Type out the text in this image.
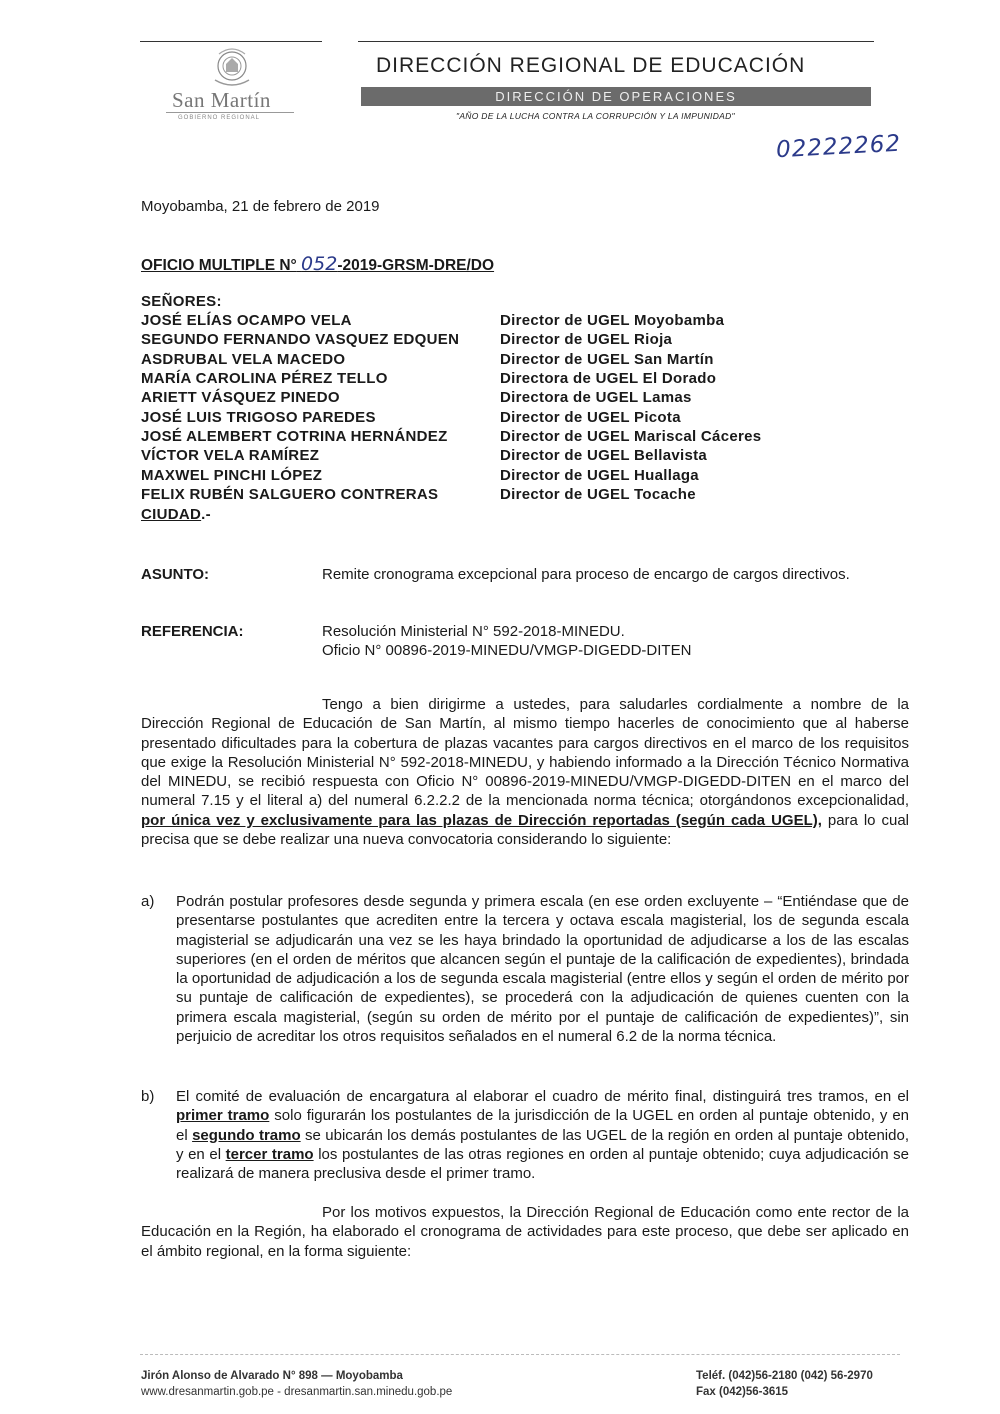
San Martín
GOBIERNO REGIONAL
DIRECCIÓN REGIONAL DE EDUCACIÓN
DIRECCIÓN DE OPERACIONES
"AÑO DE LA LUCHA CONTRA LA CORRUPCIÓN Y LA IMPUNIDAD"
02222262
Moyobamba, 21 de febrero de 2019
OFICIO MULTIPLE N° 052-2019-GRSM-DRE/DO
SEÑORES:
JOSÉ ELÍAS OCAMPO VELA	Director de UGEL Moyobamba
SEGUNDO FERNANDO VASQUEZ EDQUEN	Director de UGEL Rioja
ASDRUBAL VELA MACEDO	Director de UGEL San Martín
MARÍA CAROLINA PÉREZ TELLO	Directora de UGEL El Dorado
ARIETT VÁSQUEZ PINEDO	Directora de UGEL Lamas
JOSÉ LUIS TRIGOSO PAREDES	Director de UGEL Picota
JOSÉ ALEMBERT COTRINA HERNÁNDEZ	Director de UGEL Mariscal Cáceres
VÍCTOR VELA RAMÍREZ	Director de UGEL Bellavista
MAXWEL PINCHI LÓPEZ	Director de UGEL Huallaga
FELIX RUBÉN SALGUERO CONTRERAS	Director de UGEL Tocache
CIUDAD.-
ASUNTO:	Remite cronograma excepcional para proceso de encargo de cargos directivos.
REFERENCIA:	Resolución Ministerial N° 592-2018-MINEDU.
Oficio N° 00896-2019-MINEDU/VMGP-DIGEDD-DITEN
Tengo a bien dirigirme a ustedes, para saludarles cordialmente a nombre de la Dirección Regional de Educación de San Martín, al mismo tiempo hacerles de conocimiento que al haberse presentado dificultades para la cobertura de plazas vacantes para cargos directivos en el marco de los requisitos que exige la Resolución Ministerial N° 592-2018-MINEDU, y habiendo informado a la Dirección Técnico Normativa del MINEDU, se recibió respuesta con Oficio N° 00896-2019-MINEDU/VMGP-DIGEDD-DITEN en el marco del numeral 7.15 y el literal a) del numeral 6.2.2.2 de la mencionada norma técnica; otorgándonos excepcionalidad, por única vez y exclusivamente para las plazas de Dirección reportadas (según cada UGEL), para lo cual precisa que se debe realizar una nueva convocatoria considerando lo siguiente:
a) Podrán postular profesores desde segunda y primera escala (en ese orden excluyente – “Entiéndase que de presentarse postulantes que acrediten entre la tercera y octava escala magisterial, los de segunda escala magisterial se adjudicarán una vez se les haya brindado la oportunidad de adjudicarse a los de las escalas superiores (en el orden de méritos que alcancen según el puntaje de la calificación de expedientes), brindada la oportunidad de adjudicación a los de segunda escala magisterial (entre ellos y según el orden de mérito por su puntaje de calificación de expedientes), se procederá con la adjudicación de quienes cuenten con la primera escala magisterial, (según su orden de mérito por el puntaje de calificación de expedientes)”, sin perjuicio de acreditar los otros requisitos señalados en el numeral 6.2 de la norma técnica.
b) El comité de evaluación de encargatura al elaborar el cuadro de mérito final, distinguirá tres tramos, en el primer tramo solo figurarán los postulantes de la jurisdicción de la UGEL en orden al puntaje obtenido, y en el segundo tramo se ubicarán los demás postulantes de las UGEL de la región en orden al puntaje obtenido, y en el tercer tramo los postulantes de las otras regiones en orden al puntaje obtenido; cuya adjudicación se realizará de manera preclusiva desde el primer tramo.
Por los motivos expuestos, la Dirección Regional de Educación como ente rector de la Educación en la Región, ha elaborado el cronograma de actividades para este proceso, que debe ser aplicado en el ámbito regional, en la forma siguiente:
Jirón Alonso de Alvarado N° 898 — Moyobamba
www.dresanmartin.gob.pe - dresanmartin.san.minedu.gob.pe
Teléf. (042)56-2180 (042) 56-2970
Fax (042)56-3615
